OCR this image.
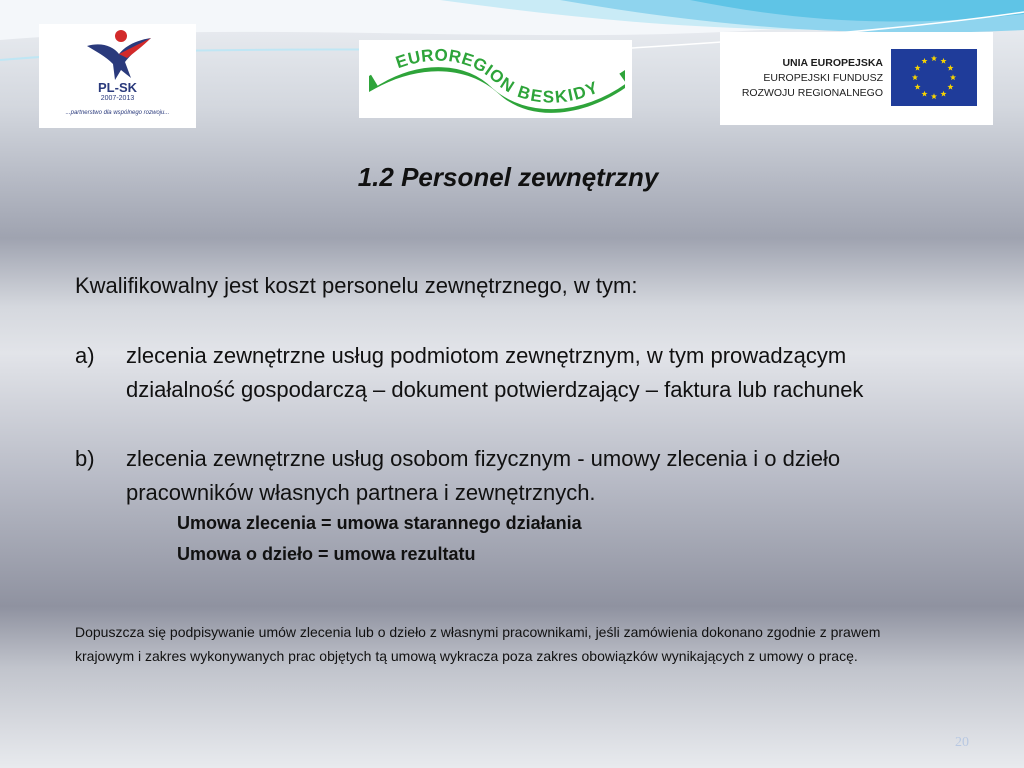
PL-SK
2007-2013
...partnerstwo dla wspólnego rozwoju...
EUROREGION BESKIDY
UNIA EUROPEJSKA
EUROPEJSKI FUNDUSZ
ROZWOJU REGIONALNEGO
1.2 Personel zewnętrzny

Kwalifikowalny jest koszt personelu zewnętrznego, w tym:

a) zlecenia zewnętrzne usług podmiotom zewnętrznym, w tym prowadzącym działalność gospodarczą – dokument potwierdzający – faktura lub rachunek
b) zlecenia zewnętrzne usług osobom fizycznym - umowy zlecenia i o dzieło pracowników własnych partnera i zewnętrznych.
Umowa zlecenia = umowa starannego działania
Umowa o dzieło = umowa rezultatu

Dopuszcza się podpisywanie umów zlecenia lub o dzieło z własnymi pracownikami, jeśli zamówienia dokonano zgodnie z prawem krajowym i zakres wykonywanych prac objętych tą umową wykracza poza zakres obowiązków wynikających z umowy o pracę.

20
